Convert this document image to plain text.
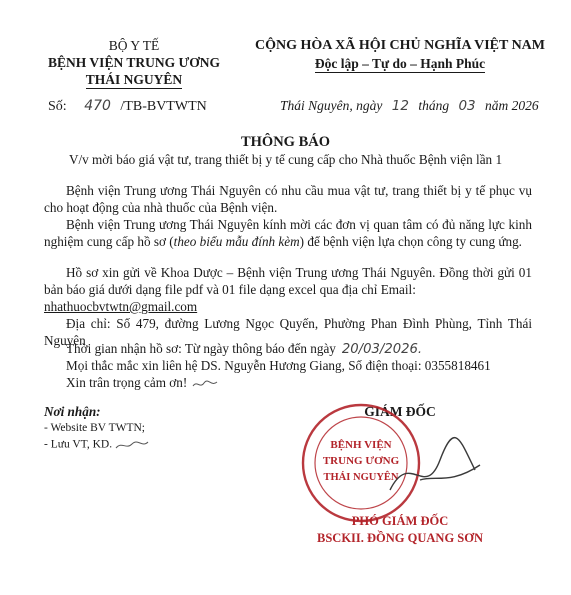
BỘ Y TẾ
BỆNH VIỆN TRUNG ƯƠNG
THÁI NGUYÊN
Số: 470 /TB-BVTWTN
CỘNG HÒA XÃ HỘI CHỦ NGHĨA VIỆT NAM
Độc lập – Tự do – Hạnh Phúc
Thái Nguyên, ngày 12 tháng 03 năm 2026
THÔNG BÁO
V/v mời báo giá vật tư, trang thiết bị y tế cung cấp cho Nhà thuốc Bệnh viện lần 1
Bệnh viện Trung ương Thái Nguyên có nhu cầu mua vật tư, trang thiết bị y tế phục vụ cho hoạt động của nhà thuốc của Bệnh viện.
Bệnh viện Trung ương Thái Nguyên kính mời các đơn vị quan tâm có đủ năng lực kinh nghiệm cung cấp hồ sơ (theo biểu mẫu đính kèm) để bệnh viện lựa chọn công ty cung ứng.
Hồ sơ xin gửi về Khoa Dược – Bệnh viện Trung ương Thái Nguyên. Đồng thời gửi 01 bản báo giá dưới dạng file pdf và 01 file dạng excel qua địa chỉ Email:
nhathuocbvtwtn@gmail.com
Địa chỉ: Số 479, đường Lương Ngọc Quyến, Phường Phan Đình Phùng, Tỉnh Thái Nguyên
Thời gian nhận hồ sơ: Từ ngày thông báo đến ngày 20/03/2026.
Mọi thắc mắc xin liên hệ DS. Nguyễn Hương Giang, Số điện thoại: 0355818461
Xin trân trọng cảm ơn!
Nơi nhận:
- Website BV TWTN;
- Lưu VT, KD.
GIÁM ĐỐC
BỆNH VIỆN
TRUNG ƯƠNG
THÁI NGUYÊN
PHÓ GIÁM ĐỐC
BSCKII. ĐỒNG QUANG SƠN
